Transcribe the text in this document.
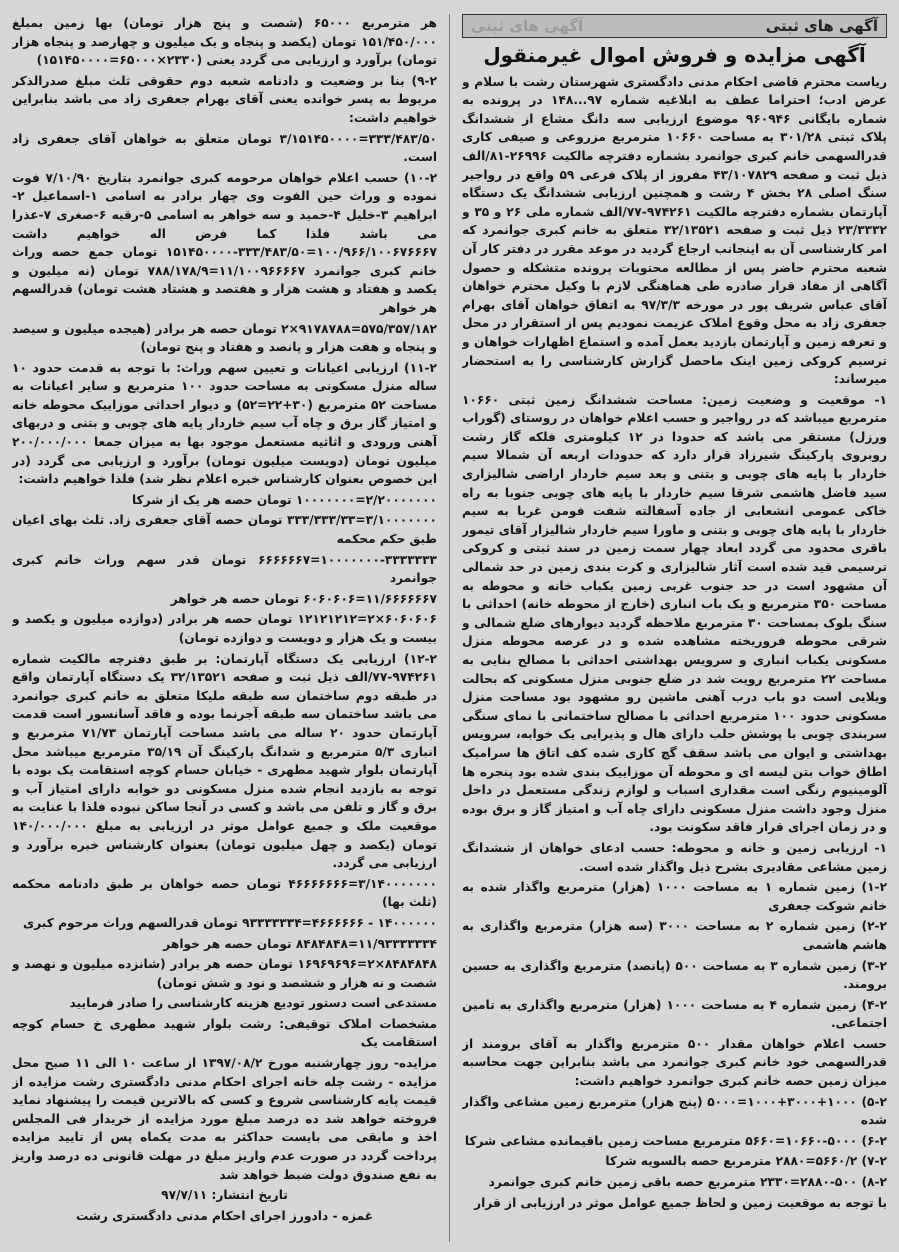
آگهی های ثبتی
آگهی های ثبتی
آگهی مزایده و فروش اموال غیرمنقول

ریاست محترم قاضی احکام مدنی دادگستری شهرستان رشت با سلام و عرض ادب؛ احتراما عطف به ابلاغیه شماره ۹۷...۱۴۸ در پرونده به شماره بایگانی ۹۶۰۹۴۶ موضوع ارزیابی سه دانگ مشاع از ششدانگ پلاک ثبتی ۳۰۱/۲۸ به مساحت ۱۰۶۶۰ مترمربع مزروعی و صیفی کاری قدرالسهمی خانم کبری جوانمرد بشماره دفترچه مالکیت ۲۶۹۹۶-۸۱/الف ذیل ثبت و صفحه ۴۳/۱۰۷۸۲۹ مفروز از پلاک فرعی ۵۹ واقع در رواجیر سنگ اصلی ۲۸ بخش ۴ رشت و همچنین ارزیابی ششدانگ یک دستگاه آپارتمان بشماره دفترچه مالکیت ۹۷۴۲۶۱-۷۷/الف شماره ملی ۲۶ و ۳۵ و ۲۳/۳۳۳۲ ذیل ثبت و صفحه ۳۲/۱۳۵۲۱ متعلق به خانم کبری جوانمرد که امر کارشناسی آن به اینجانب ارجاع گردید در موعد مقرر در دفتر کار آن شعبه محترم حاضر پس از مطالعه محتویات پرونده متشکله و حصول آگاهی از مفاد قرار صادره طی هماهنگی لازم با وکیل محترم خواهان آقای عباس شریف پور در مورخه ۹۷/۳/۳ به اتفاق خواهان آقای بهرام جعفری زاد به محل وقوع املاک عزیمت نمودیم پس از استقرار در محل و تعرفه زمین و آپارتمان بازدید بعمل آمده و استماع اظهارات خواهان و ترسیم کروکی زمین اینک ماحصل گزارش کارشناسی را به استحضار میرساند:

۱- موقعیت و وضعیت زمین: مساحت ششدانگ زمین ثبتی ۱۰۶۶۰ مترمربع میباشد که در رواجیر و حسب اعلام خواهان در روستای (گوراب ورزل) مستقر می باشد که حدودا در ۱۲ کیلومتری فلکه گاز رشت روبروی پارکینگ شیرزاد قرار دارد که حدودات اربعه آن شمالا سیم خاردار با پایه های چوبی و بتنی و بعد سیم خاردار اراضی شالیزاری سید فاضل هاشمی شرقا سیم خاردار با پایه های چوبی جنوبا به راه خاکی عمومی انشعابی از جاده آسفالته شفت فومن غربا به سیم خاردار با پایه های چوبی و بتنی و ماورا سیم خاردار شالیزار آقای تیمور باقری محدود می گردد ابعاد چهار سمت زمین در سند ثبتی و کروکی ترسیمی قید شده است آثار شالیزاری و کرت بندی زمین در حد شمالی آن مشهود است در حد جنوب غربی زمین یکباب خانه و محوطه به مساحت ۳۵۰ مترمربع و یک باب انباری (خارج از محوطه خانه) احداثی با سنگ بلوک بمساحت ۳۰ مترمربع ملاحظه گردید دیوارهای ضلع شمالی و شرقی محوطه فروریخته مشاهده شده و در عرصه محوطه منزل مسکونی یکباب انباری و سرویس بهداشتی احداثی با مصالح بنایی به مساحت ۲۲ مترمربع رویت شد در ضلع جنوبی منزل مسکونی که بحالت ویلایی است دو باب درب آهنی ماشین رو مشهود بود مساحت منزل مسکونی حدود ۱۰۰ مترمربع احداثی با مصالح ساختمانی با نمای سنگی سربندی چوبی با پوشش حلب دارای هال و پذیرایی یک خوابه، سرویس بهداشتی و ایوان می باشد سقف گچ کاری شده کف اتاق ها سرامیک اطاق خواب بتن لیسه ای و محوطه آن موزاییک بندی شده بود پنجره ها آلومینیوم رنگی است مقداری اسباب و لوازم زندگی مستعمل در داخل منزل وجود داشت منزل مسکونی دارای چاه آب و امتیاز گاز و برق بوده و در زمان اجرای قرار فاقد سکونت بود.

۱- ارزیابی زمین و خانه و محوطه: حسب ادعای خواهان از ششدانگ زمین مشاعی مقادیری بشرح ذیل واگذار شده است.

۱-۲) زمین شماره ۱ به مساحت ۱۰۰۰ (هزار) مترمربع واگذار شده به خانم شوکت جعفری

۲-۲) زمین شماره ۲ به مساحت ۳۰۰۰ (سه هزار) مترمربع واگذاری به هاشم هاشمی

۳-۲) زمین شماره ۳ به مساحت ۵۰۰ (پانصد) مترمربع واگذاری به حسین برومند.

۴-۲) زمین شماره ۴ به مساحت ۱۰۰۰ (هزار) مترمربع واگذاری به تامین اجتماعی.

حسب اعلام خواهان مقدار ۵۰۰ مترمربع واگذار به آقای برومند از قدرالسهمی خود خانم کبری جوانمرد می باشد بنابراین جهت محاسبه میزان زمین حصه خانم کبری جوانمرد خواهیم داشت:

۵-۲) ۱۰۰۰+۳۰۰۰+۱۰۰۰=۵۰۰۰ (پنج هزار) مترمربع زمین مشاعی واگذار شده

۶-۲) ۱۰۶۶۰-۵۰۰۰=۵۶۶۰ مترمربع مساحت زمین باقیمانده مشاعی شرکا

۷-۲) ۵۶۶۰/۲=۲۸۸۰ مترمربع حصه بالسویه شرکا

۸-۲) ۲۸۸۰-۵۰۰=۲۳۳۰ مترمربع حصه باقی زمین خانم کبری جوانمرد

با توجه به موقعیت زمین و لحاظ جمیع عوامل موثر در ارزیابی از قرار

هر مترمربع ۶۵۰۰۰ (شصت و پنج هزار تومان) بها زمین بمبلغ ۱۵۱/۴۵۰/۰۰۰ تومان (یکصد و پنجاه و یک میلیون و چهارصد و پنجاه هزار تومان) برآورد و ارزیابی می گردد یعنی (۲۳۳۰×۶۵۰۰۰=۱۵۱۴۵۰۰۰۰)

۹-۲) بنا بر وضعیت و دادنامه شعبه دوم حقوقی ثلث مبلغ صدرالذکر مربوط به پسر خوانده یعنی آقای بهرام جعفری زاد می باشد بنابراین خواهیم داشت:

۳۳۳/۴۸۳/۵۰=۳/۱۵۱۴۵۰۰۰۰ تومان متعلق به خواهان آقای جعفری زاد است.

۱۰-۲) حسب اعلام خواهان مرحومه کبری جوانمرد بتاریخ ۷/۱۰/۹۰ فوت نموده و وراث حین الفوت وی چهار برادر به اسامی ۱-اسماعیل ۲-ابراهیم ۳-خلیل ۴-حمید و سه خواهر به اسامی ۵-رقیه ۶-صغری ۷-عذرا می باشد فلذا کما فرض اله خواهیم داشت ۱۰۰/۹۶۶/۱۰۰۶۷۶۶۶۷=۳۳۳/۴۸۳/۵۰-۱۵۱۴۵۰۰۰۰ تومان جمع حصه وراث خانم کبری جوانمرد ۱۱/۱۰۰۹۶۶۶۶۷=۷۸۸/۱۷۸/۹ تومان (نه میلیون و یکصد و هفتاد و هشت هزار و هفتصد و هشتاد هشت تومان) قدرالسهم هر خواهر

۵۷۵/۳۵۷/۱۸۲=۹۱۷۸۷۸۸×۲ تومان حصه هر برادر (هیجده میلیون و سیصد و پنجاه و هفت هزار و پانصد و هفتاد و پنج تومان)

۱۱-۲) ارزیابی اعیانات و تعیین سهم وراث: با توجه به قدمت حدود ۱۰ ساله منزل مسکونی به مساحت حدود ۱۰۰ مترمربع و سایر اعیانات به مساحت ۵۲ مترمربع (۳۰+۲۲=۵۲) و دیوار احداثی موزاییک محوطه خانه و امتیاز گاز برق و چاه آب سیم خاردار پایه های چوبی و بتنی و دربهای آهنی ورودی و اثاثیه مستعمل موجود بها به میزان جمعا ۲۰۰/۰۰۰/۰۰۰ میلیون تومان (دویست میلیون تومان) برآورد و ارزیابی می گردد (در این خصوص بعنوان کارشناس خبره اعلام نظر شد) فلذا خواهیم داشت:

۲/۲۰۰۰۰۰۰۰=۱۰۰۰۰۰۰۰ تومان حصه هر یک از شرکا

۳/۱۰۰۰۰۰۰۰=۳۳۳/۳۳۳/۳۳ تومان حصه آقای جعفری زاد. ثلث بهای اعیان طبق حکم محکمه

۱۰۰۰۰۰۰۰-۳۳۳۳۳۳۳=۶۶۶۶۶۶۷ تومان قدر سهم وراث خانم کبری جوانمرد

۱۱/۶۶۶۶۶۶۷=۶۰۶۰۶۰۶ تومان حصه هر خواهر

۶۰۶۰۶۰۶×۲=۱۲۱۲۱۲۱۲ تومان حصه هر برادر (دوازده میلیون و یکصد و بیست و یک هزار و دویست و دوازده تومان)

۱۲-۲) ارزیابی یک دستگاه آپارتمان: بر طبق دفترچه مالکیت شماره ۹۷۴۲۶۱-۷۷/الف ذیل ثبت و صفحه ۳۲/۱۳۵۲۱ یک دستگاه آپارتمان واقع در طبقه دوم ساختمان سه طبقه ملیکا متعلق به خانم کبری جوانمرد می باشد ساختمان سه طبقه آجرنما بوده و فاقد آسانسور است قدمت آپارتمان حدود ۲۰ ساله می باشد مساحت آپارتمان ۷۱/۷۳ مترمربع و انباری ۵/۳ مترمربع و شدانگ پارکینگ آن ۳۵/۱۹ مترمربع میباشد محل آپارتمان بلوار شهید مطهری - خیابان حسام کوچه استقامت یک بوده با توجه به بازدید انجام شده منزل مسکونی دو خوابه دارای امتیاز آب و برق و گاز و تلفن می باشد و کسی در آنجا ساکن نبوده فلذا با عنایت به موقعیت ملک و جمیع عوامل موثر در ارزیابی به مبلغ ۱۴۰/۰۰۰/۰۰۰ تومان (یکصد و چهل میلیون تومان) بعنوان کارشناس خبره برآورد و ارزیابی می گردد.

۳/۱۴۰۰۰۰۰۰۰=۴۶۶۶۶۶۶۶ تومان حصه خواهان بر طبق دادنامه محکمه (ثلث بها)

۱۴۰۰۰۰۰۰ - ۴۶۶۶۶۶۶=۹۳۳۳۳۳۳۴ تومان قدرالسهم وراث مرحوم کبری

۱۱/۹۳۳۳۳۳۳۴=۸۴۸۴۸۴۸ تومان حصه هر خواهر

۸۴۸۴۸۴۸×۲=۱۶۹۶۹۶۹۶ تومان حصه هر برادر (شانزده میلیون و نهصد و شصت و نه هزار و ششصد و نود و شش تومان)

مستدعی است دستور تودیع هزینه کارشناسی را صادر فرمایید

مشخصات املاک توقیفی: رشت بلوار شهید مطهری خ حسام کوچه استقامت یک

مزایده- روز چهارشنبه مورخ ۱۳۹۷/۰۸/۲ از ساعت ۱۰ الی ۱۱ صبح محل مزایده - رشت چله خانه اجرای احکام مدنی دادگستری رشت مزایده از قیمت پایه کارشناسی شروع و کسی که بالاترین قیمت را پیشنهاد نماید فروخته خواهد شد ده درصد مبلغ مورد مزایده از خریدار فی المجلس اخذ و مابقی می بایست حداکثر به مدت یکماه پس از تایید مزایده پرداخت گردد در صورت عدم واریز مبلغ در مهلت قانونی ده درصد واریز به نفع صندوق دولت ضبط خواهد شد

تاریخ انتشار: ۹۷/۷/۱۱

غمزه - دادورز اجرای احکام مدنی دادگستری رشت
